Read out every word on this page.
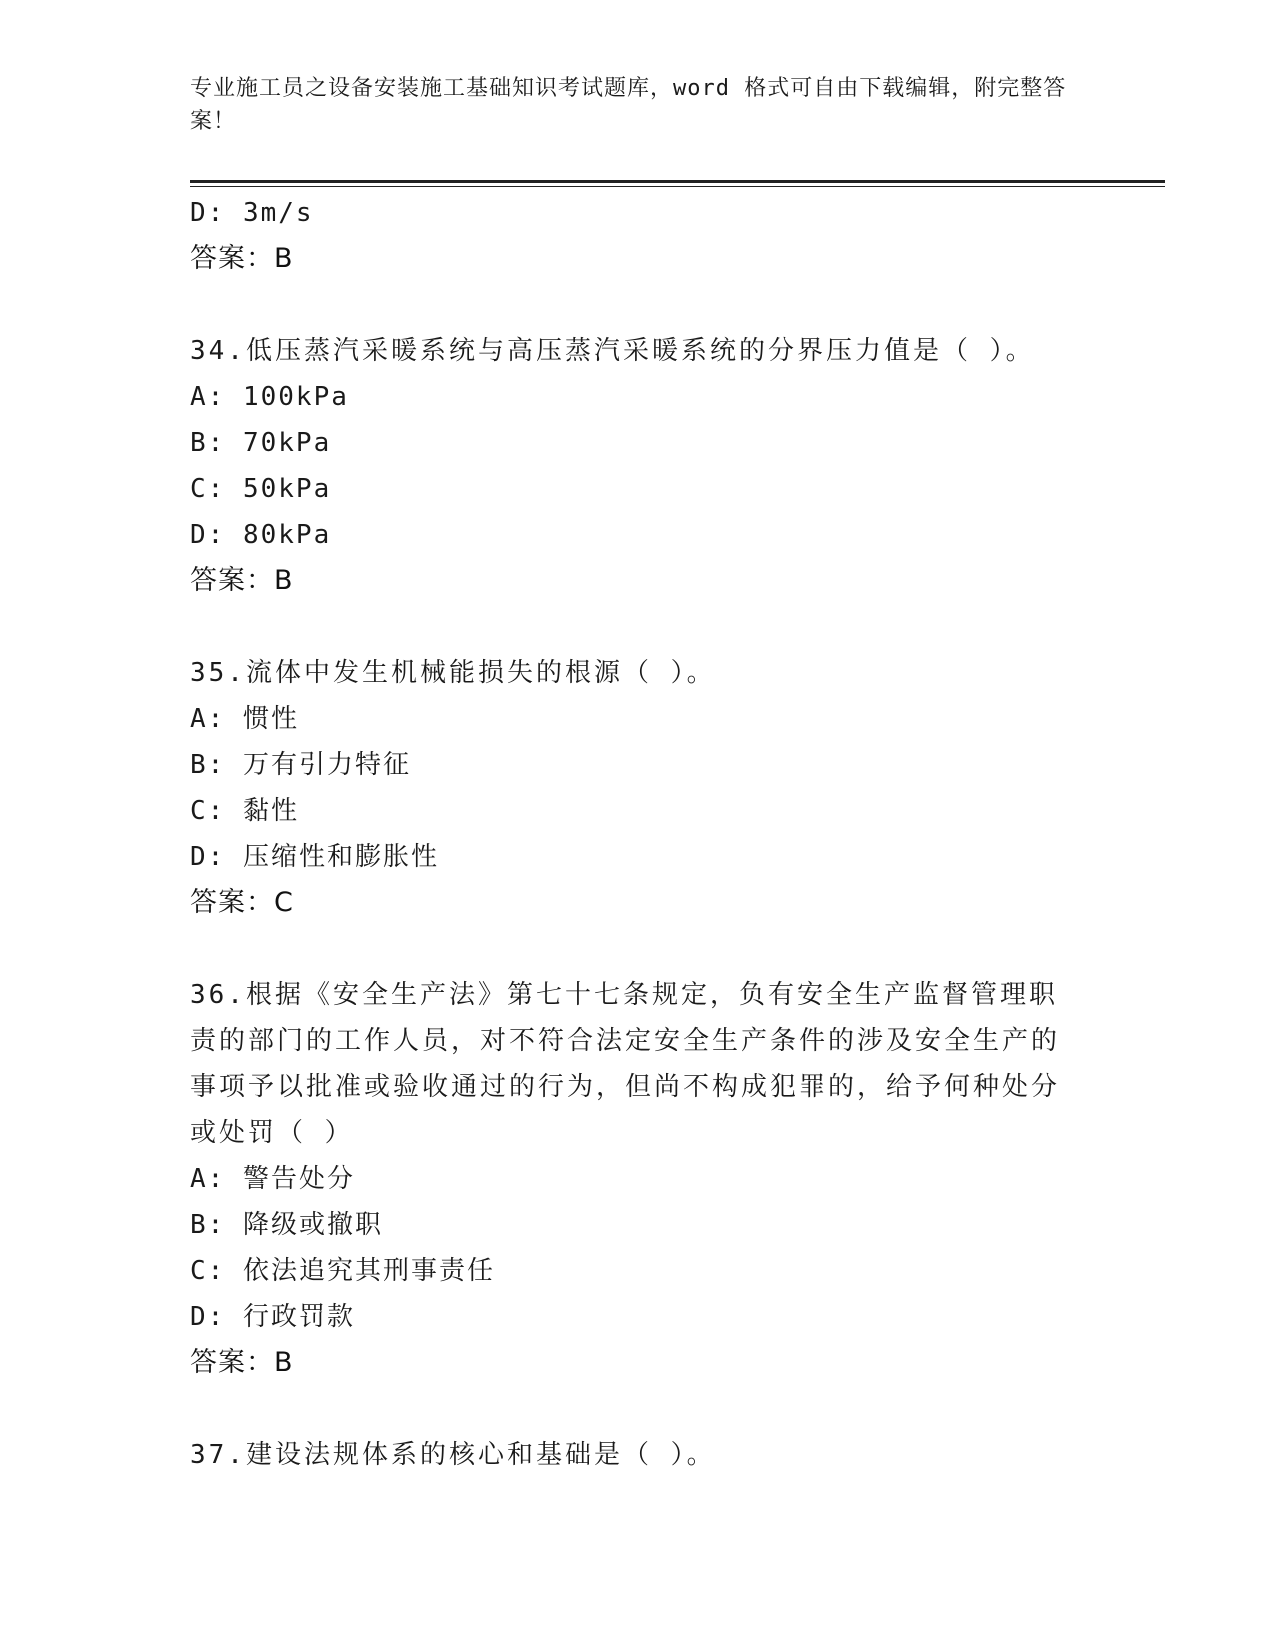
专业施工员之设备安装施工基础知识考试题库，word 格式可自由下载编辑，附完整答案！
D: 3m/s
答案：B
34.低压蒸汽采暖系统与高压蒸汽采暖系统的分界压力值是（ ）。
A: 100kPa
B: 70kPa
C: 50kPa
D: 80kPa
答案：B
35.流体中发生机械能损失的根源（ ）。
A: 惯性
B: 万有引力特征
C: 黏性
D: 压缩性和膨胀性
答案：C
36.根据《安全生产法》第七十七条规定，负有安全生产监督管理职责的部门的工作人员，对不符合法定安全生产条件的涉及安全生产的事项予以批准或验收通过的行为，但尚不构成犯罪的，给予何种处分或处罚（ ）
A: 警告处分
B: 降级或撤职
C: 依法追究其刑事责任
D: 行政罚款
答案：B
37.建设法规体系的核心和基础是（ ）。
